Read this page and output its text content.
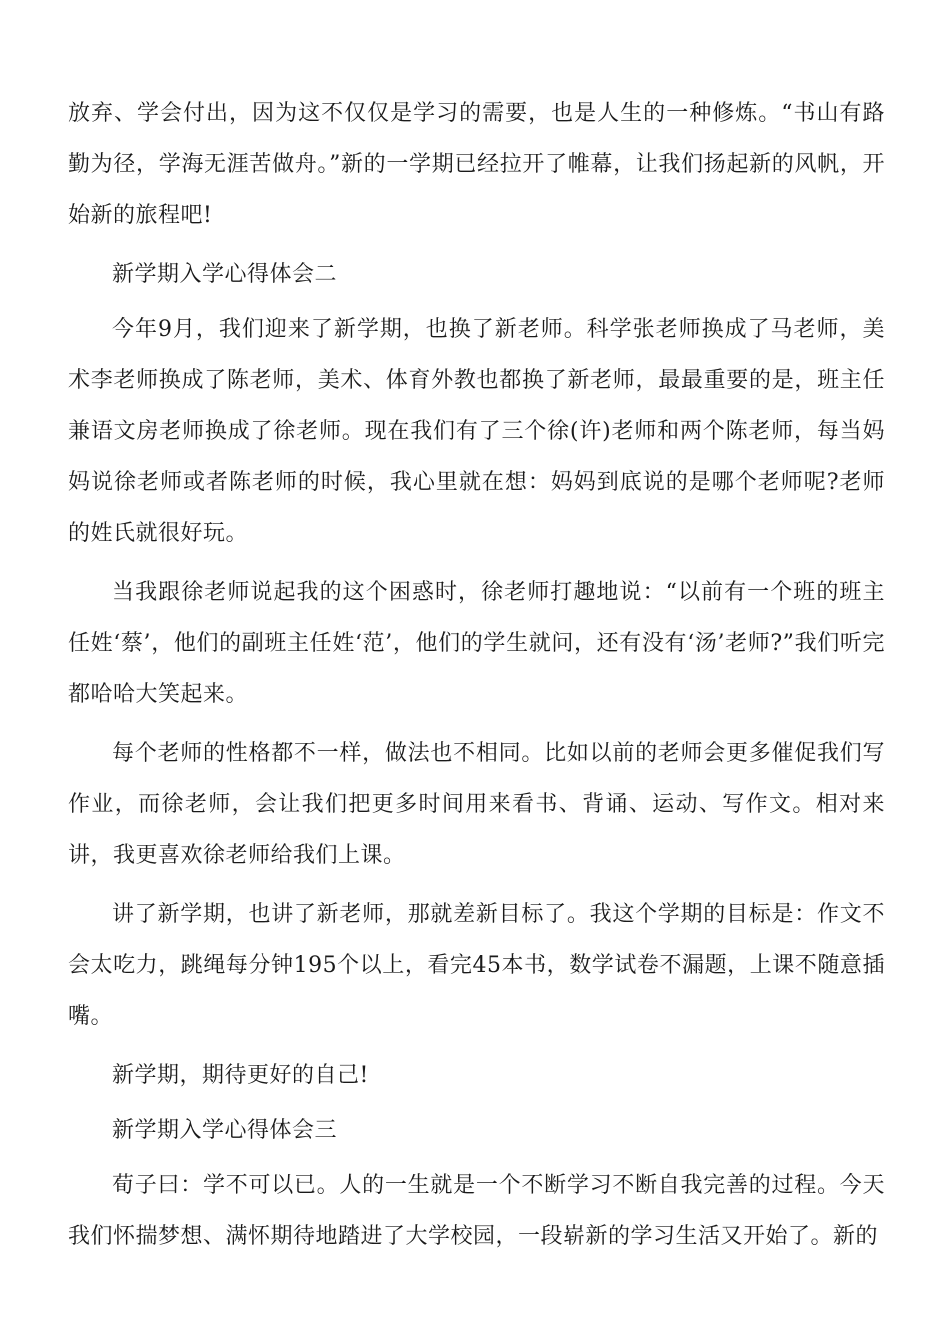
放弃、学会付出，因为这不仅仅是学习的需要，也是人生的一种修炼。“书山有路勤为径，学海无涯苦做舟。”新的一学期已经拉开了帷幕，让我们扬起新的风帆，开始新的旅程吧!

新学期入学心得体会二

今年9月，我们迎来了新学期，也换了新老师。科学张老师换成了马老师，美术李老师换成了陈老师，美术、体育外教也都换了新老师，最最重要的是，班主任兼语文房老师换成了徐老师。现在我们有了三个徐(许)老师和两个陈老师，每当妈妈说徐老师或者陈老师的时候，我心里就在想：妈妈到底说的是哪个老师呢?老师的姓氏就很好玩。

当我跟徐老师说起我的这个困惑时，徐老师打趣地说：“以前有一个班的班主任姓‘蔡’，他们的副班主任姓‘范’，他们的学生就问，还有没有‘汤’老师?”我们听完都哈哈大笑起来。

每个老师的性格都不一样，做法也不相同。比如以前的老师会更多催促我们写作业，而徐老师，会让我们把更多时间用来看书、背诵、运动、写作文。相对来讲，我更喜欢徐老师给我们上课。

讲了新学期，也讲了新老师，那就差新目标了。我这个学期的目标是：作文不会太吃力，跳绳每分钟195个以上，看完45本书，数学试卷不漏题，上课不随意插嘴。

新学期，期待更好的自己!

新学期入学心得体会三

荀子曰：学不可以已。人的一生就是一个不断学习不断自我完善的过程。今天我们怀揣梦想、满怀期待地踏进了大学校园，一段崭新的学习生活又开始了。新的
